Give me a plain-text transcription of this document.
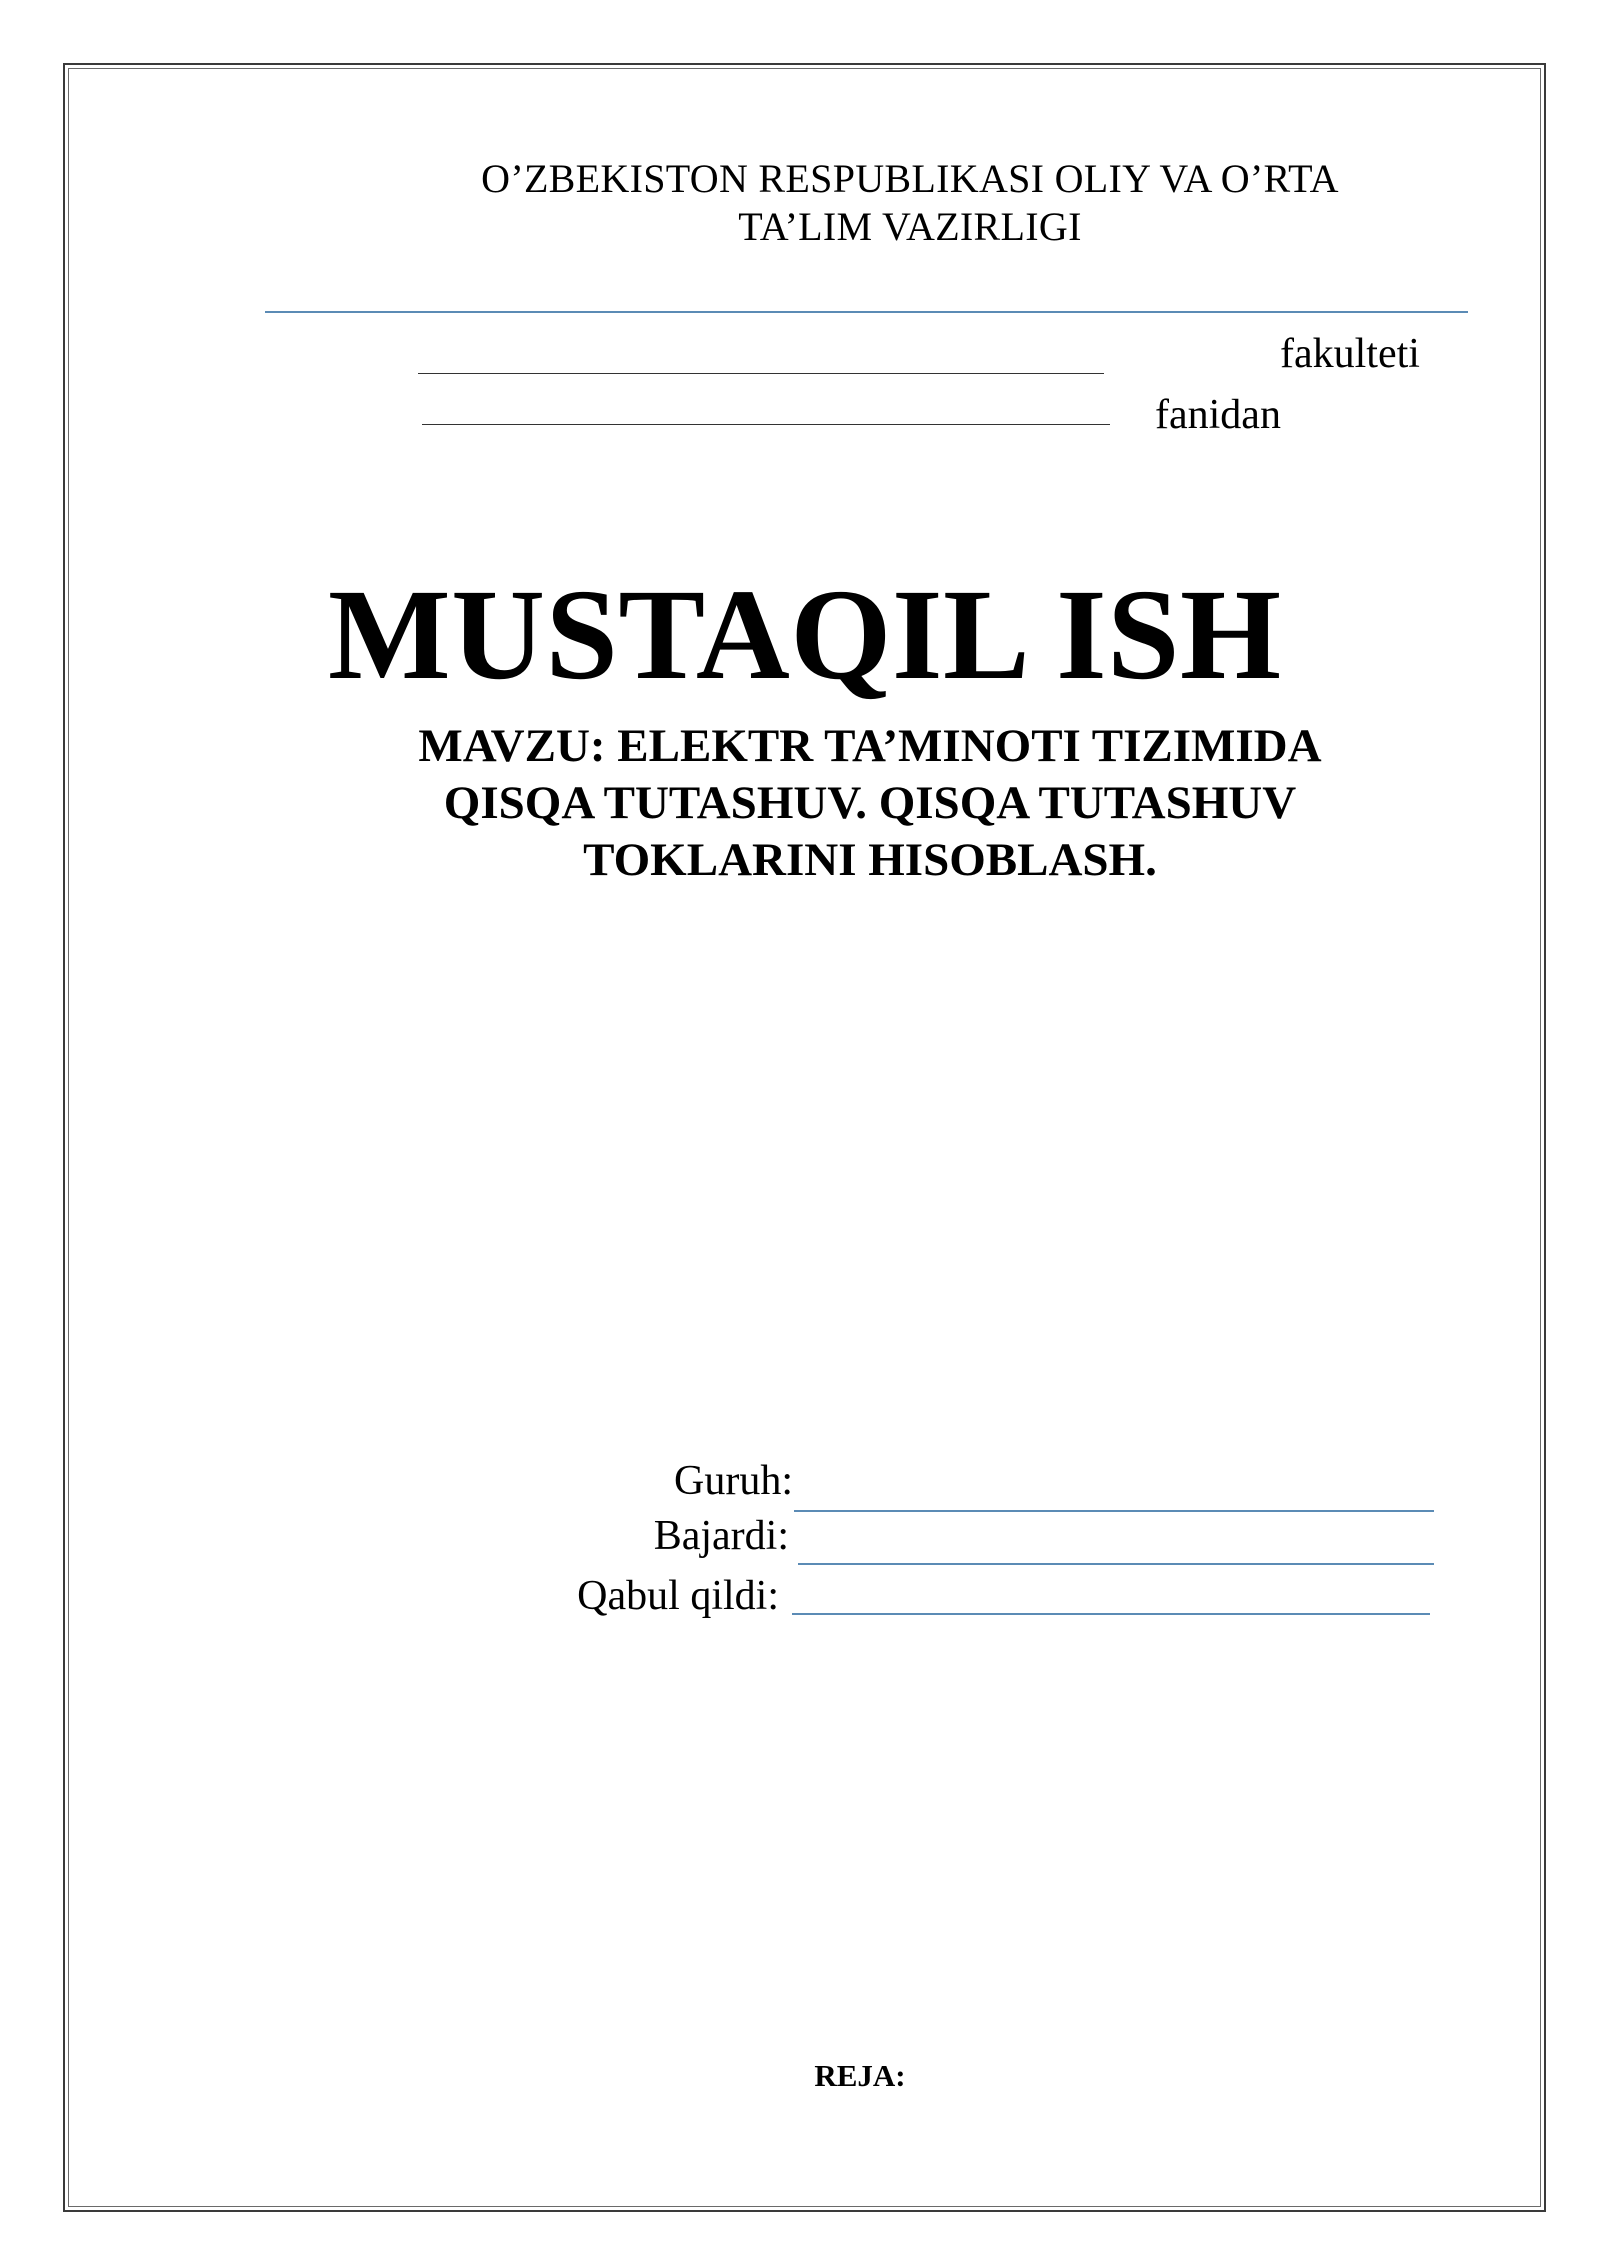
O’ZBEKISTON RESPUBLIKASI OLIY VA O’RTA
TA’LIM VAZIRLIGI
fakulteti
fanidan
MUSTAQIL ISH
MAVZU: ELEKTR TA’MINOTI TIZIMIDA
QISQA TUTASHUV. QISQA TUTASHUV
TOKLARINI HISOBLASH.
Guruh:
Bajardi:
Qabul qildi:
REJA:
